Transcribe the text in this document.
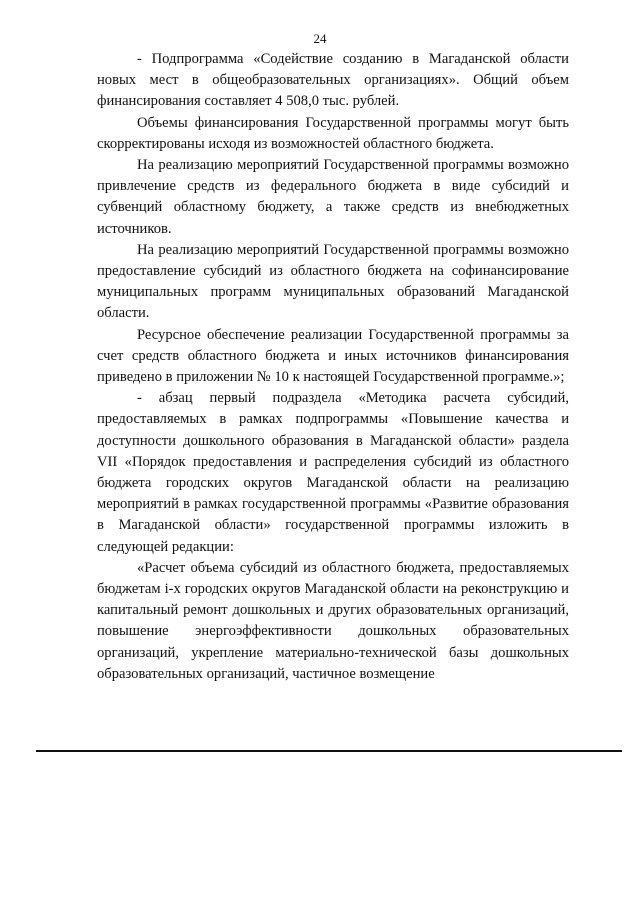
24

- Подпрограмма «Содействие созданию в Магаданской области новых мест в общеобразовательных организациях». Общий объем финансирования составляет 4 508,0 тыс. рублей.

Объемы финансирования Государственной программы могут быть скорректированы исходя из возможностей областного бюджета.

На реализацию мероприятий Государственной программы возможно привлечение средств из федерального бюджета в виде субсидий и субвенций областному бюджету, а также средств из внебюджетных источников.

На реализацию мероприятий Государственной программы возможно предоставление субсидий из областного бюджета на софинансирование муниципальных программ муниципальных образований Магаданской области.

Ресурсное обеспечение реализации Государственной программы за счет средств областного бюджета и иных источников финансирования приведено в приложении № 10 к настоящей Государственной программе.»;

- абзац первый подраздела «Методика расчета субсидий, предоставляемых в рамках подпрограммы «Повышение качества и доступности дошкольного образования в Магаданской области» раздела VII «Порядок предоставления и распределения субсидий из областного бюджета городских округов Магаданской области на реализацию мероприятий в рамках государственной программы «Развитие образования в Магаданской области» государственной программы изложить в следующей редакции:

«Расчет объема субсидий из областного бюджета, предоставляемых бюджетам i-х городских округов Магаданской области на реконструкцию и капитальный ремонт дошкольных и других образовательных организаций, повышение энергоэффективности дошкольных образовательных организаций, укрепление материально-технической базы дошкольных образовательных организаций, частичное возмещение
